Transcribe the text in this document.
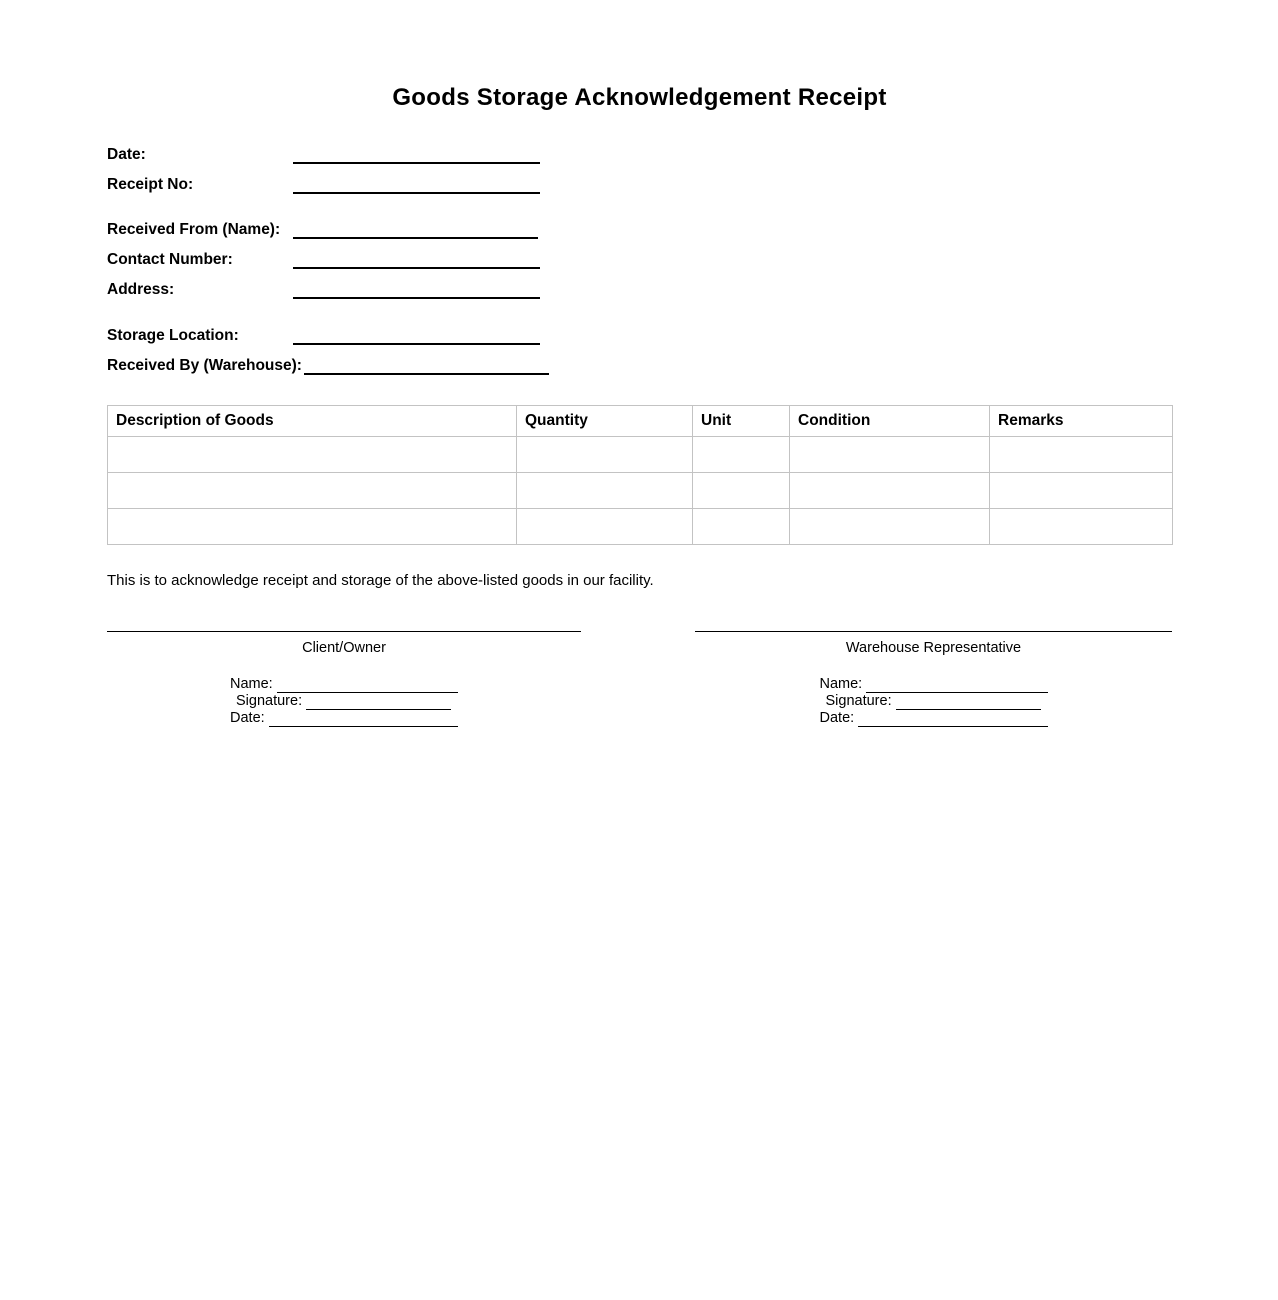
Goods Storage Acknowledgement Receipt
Date:
Receipt No:
Received From (Name):
Contact Number:
Address:
Storage Location:
Received By (Warehouse):
Description of Goods	Quantity	Unit	Condition	Remarks

This is to acknowledge receipt and storage of the above-listed goods in our facility.

Client/Owner
Name:
Signature:
Date:
Warehouse Representative
Name:
Signature:
Date:
